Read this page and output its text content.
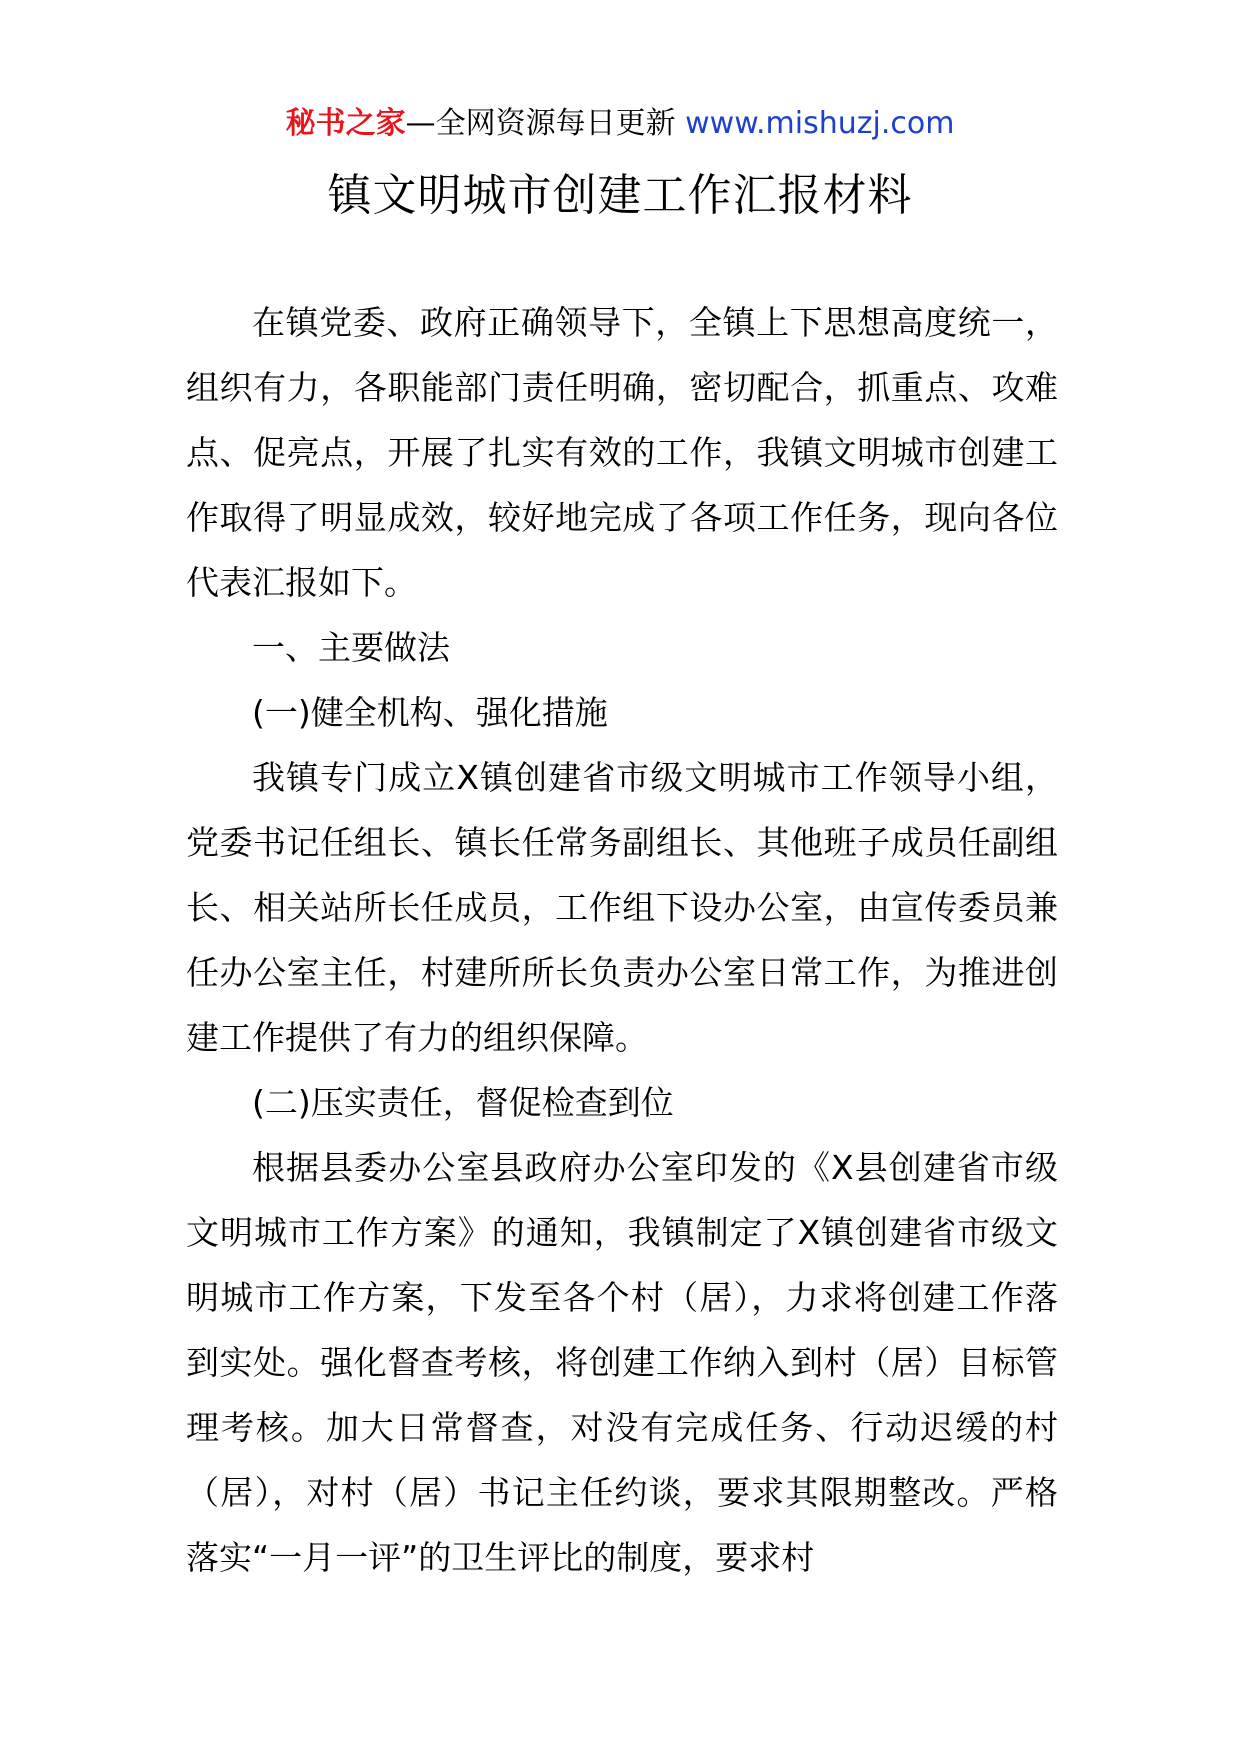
秘书之家—全网资源每日更新 www.mishuzj.com
镇文明城市创建工作汇报材料

在镇党委、政府正确领导下，全镇上下思想高度统一，组织有力，各职能部门责任明确，密切配合，抓重点、攻难点、促亮点，开展了扎实有效的工作，我镇文明城市创建工作取得了明显成效，较好地完成了各项工作任务，现向各位代表汇报如下。

一、主要做法

(一)健全机构、强化措施

我镇专门成立X镇创建省市级文明城市工作领导小组，党委书记任组长、镇长任常务副组长、其他班子成员任副组长、相关站所长任成员，工作组下设办公室，由宣传委员兼任办公室主任，村建所所长负责办公室日常工作，为推进创建工作提供了有力的组织保障。

(二)压实责任，督促检查到位

根据县委办公室县政府办公室印发的《X县创建省市级文明城市工作方案》的通知，我镇制定了X镇创建省市级文明城市工作方案，下发至各个村（居），力求将创建工作落到实处。强化督查考核，将创建工作纳入到村（居）目标管理考核。加大日常督查，对没有完成任务、行动迟缓的村（居），对村（居）书记主任约谈，要求其限期整改。严格落实“一月一评”的卫生评比的制度，要求村
